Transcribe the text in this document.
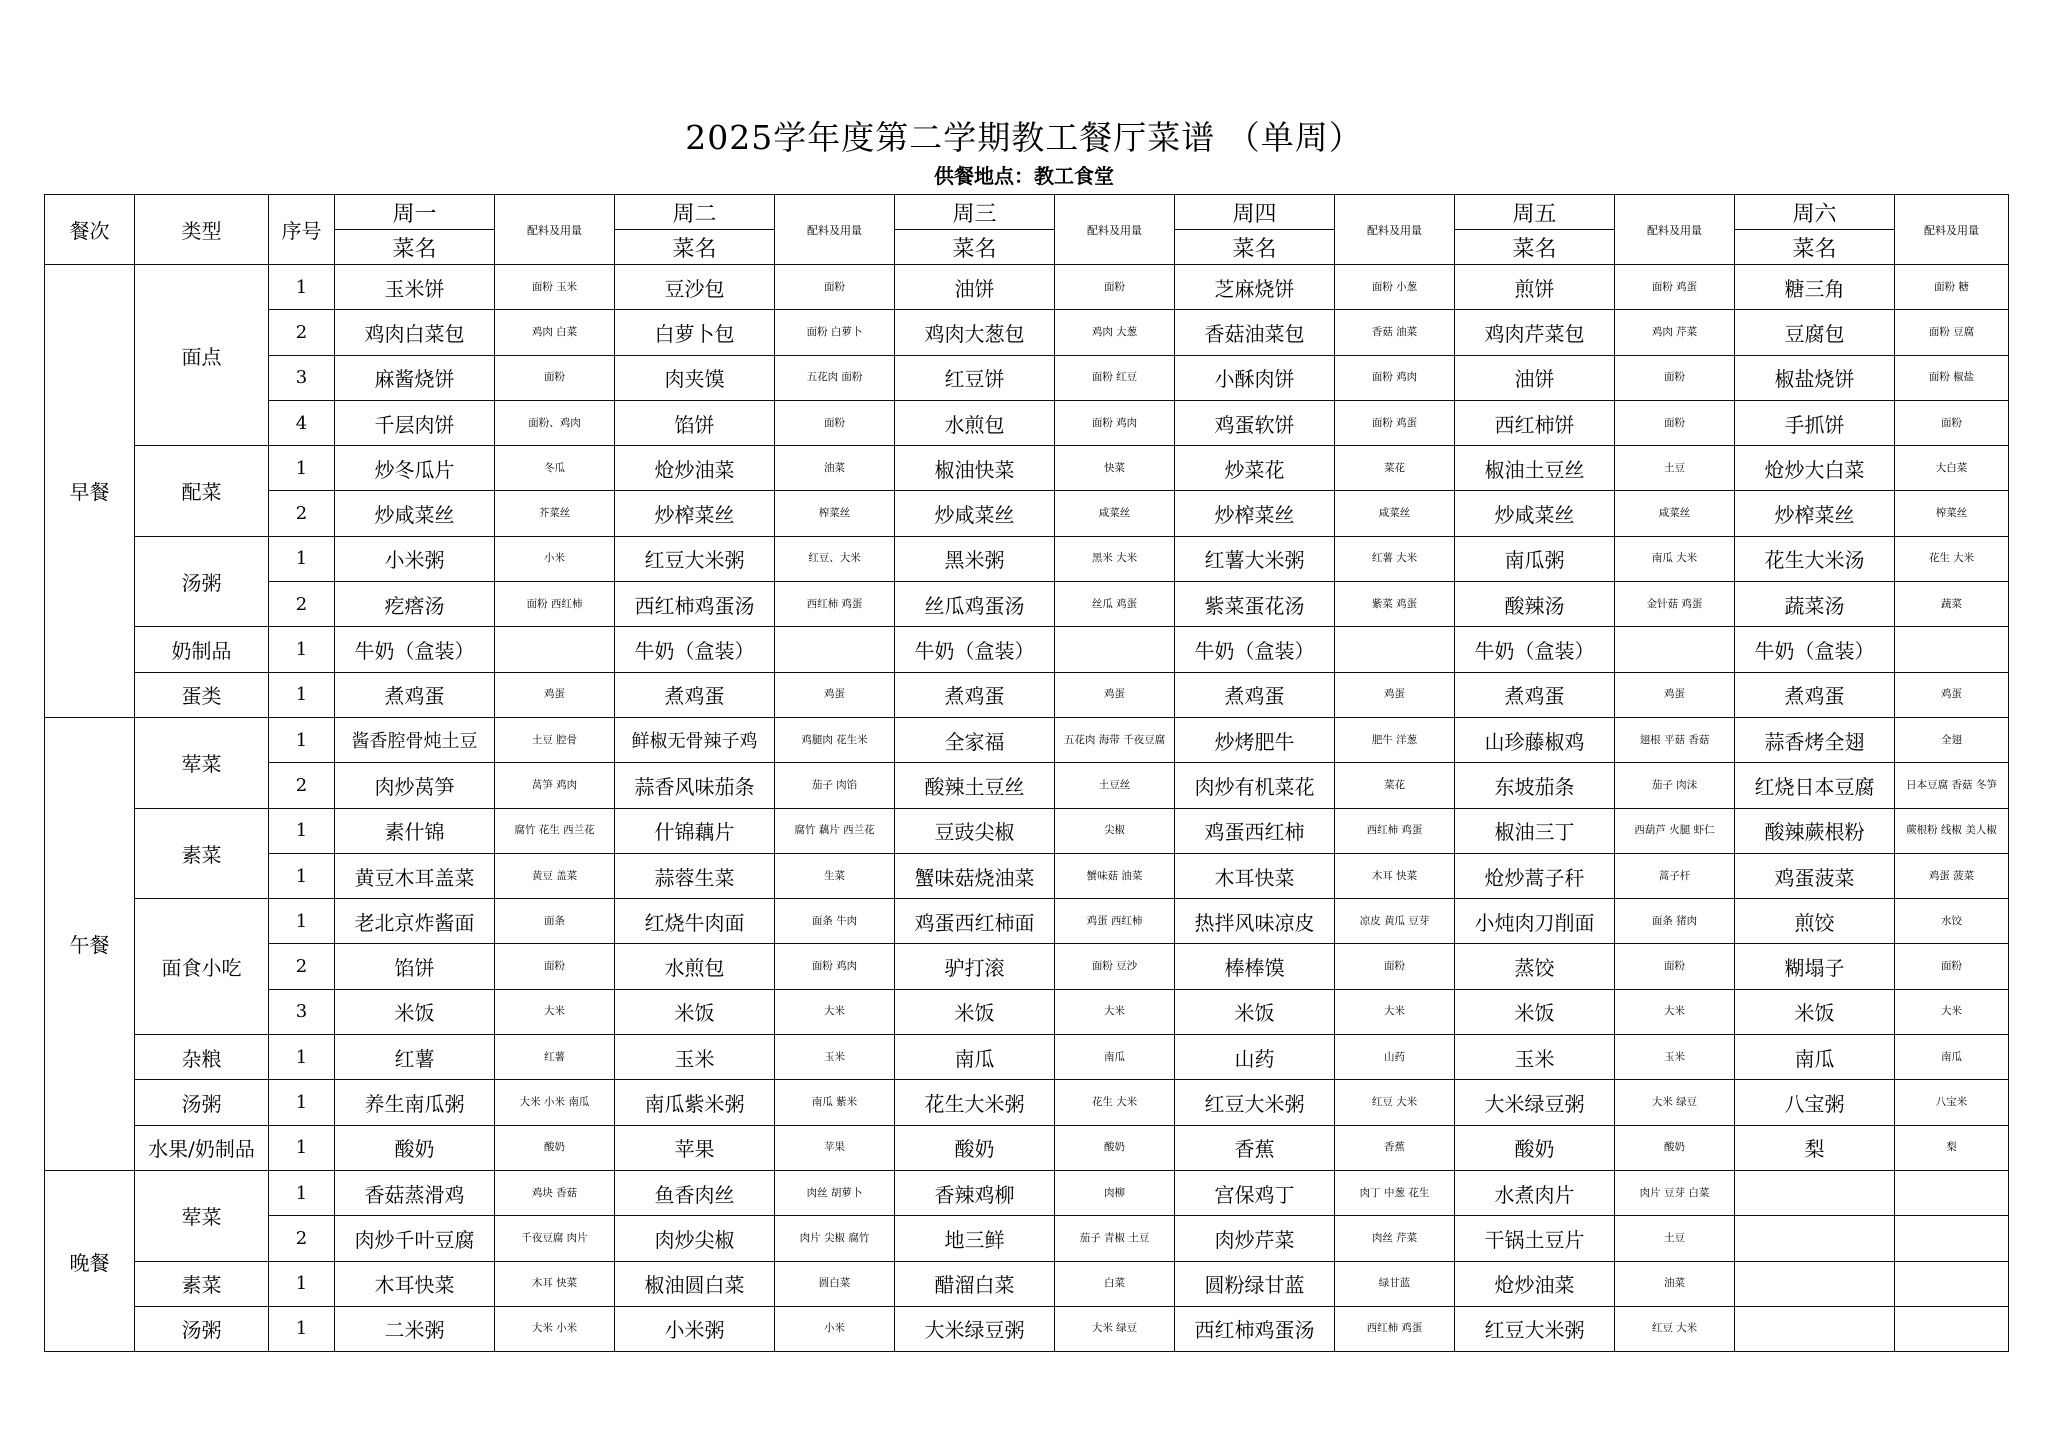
2025学年度第二学期教工餐厅菜谱 （单周）
供餐地点：教工食堂
餐次	类型	序号	周一	配料及用量	周二	配料及用量	周三	配料及用量	周四	配料及用量	周五	配料及用量	周六	配料及用量
			菜名		菜名		菜名		菜名		菜名		菜名	
早餐	面点	1	玉米饼	面粉 玉米	豆沙包	面粉	油饼	面粉	芝麻烧饼	面粉 小葱	煎饼	面粉 鸡蛋	糖三角	面粉 糖
		2	鸡肉白菜包	鸡肉 白菜	白萝卜包	面粉 白萝卜	鸡肉大葱包	鸡肉 大葱	香菇油菜包	香菇 油菜	鸡肉芹菜包	鸡肉 芹菜	豆腐包	面粉 豆腐
		3	麻酱烧饼	面粉	肉夹馍	五花肉 面粉	红豆饼	面粉 红豆	小酥肉饼	面粉 鸡肉	油饼	面粉	椒盐烧饼	面粉 椒盐
		4	千层肉饼	面粉、鸡肉	馅饼	面粉	水煎包	面粉 鸡肉	鸡蛋软饼	面粉 鸡蛋	西红柿饼	面粉	手抓饼	面粉
	配菜	1	炒冬瓜片	冬瓜	炝炒油菜	油菜	椒油快菜	快菜	炒菜花	菜花	椒油土豆丝	土豆	炝炒大白菜	大白菜
		2	炒咸菜丝	芥菜丝	炒榨菜丝	榨菜丝	炒咸菜丝	咸菜丝	炒榨菜丝	咸菜丝	炒咸菜丝	咸菜丝	炒榨菜丝	榨菜丝
	汤粥	1	小米粥	小米	红豆大米粥	红豆、大米	黑米粥	黑米 大米	红薯大米粥	红薯 大米	南瓜粥	南瓜 大米	花生大米汤	花生 大米
		2	疙瘩汤	面粉 西红柿	西红柿鸡蛋汤	西红柿 鸡蛋	丝瓜鸡蛋汤	丝瓜 鸡蛋	紫菜蛋花汤	紫菜 鸡蛋	酸辣汤	金针菇 鸡蛋	蔬菜汤	蔬菜
	奶制品	1	牛奶（盒装）		牛奶（盒装）		牛奶（盒装）		牛奶（盒装）		牛奶（盒装）		牛奶（盒装）	
	蛋类	1	煮鸡蛋	鸡蛋	煮鸡蛋	鸡蛋	煮鸡蛋	鸡蛋	煮鸡蛋	鸡蛋	煮鸡蛋	鸡蛋	煮鸡蛋	鸡蛋
午餐	荤菜	1	酱香腔骨炖土豆	土豆 腔骨	鲜椒无骨辣子鸡	鸡腿肉 花生米	全家福	五花肉 海带 千夜豆腐	炒烤肥牛	肥牛 洋葱	山珍藤椒鸡	翅根 平菇 香菇	蒜香烤全翅	全翅
		2	肉炒莴笋	莴笋 鸡肉	蒜香风味茄条	茄子 肉馅	酸辣土豆丝	土豆丝	肉炒有机菜花	菜花	东坡茄条	茄子 肉沫	红烧日本豆腐	日本豆腐 香菇 冬笋
	素菜	1	素什锦	腐竹 花生 西兰花	什锦藕片	腐竹 藕片 西兰花	豆豉尖椒	尖椒	鸡蛋西红柿	西红柿 鸡蛋	椒油三丁	西葫芦 火腿 虾仁	酸辣蕨根粉	蕨根粉 线椒 美人椒
		1	黄豆木耳盖菜	黄豆 盖菜	蒜蓉生菜	生菜	蟹味菇烧油菜	蟹味菇 油菜	木耳快菜	木耳 快菜	炝炒蒿子秆	蒿子杆	鸡蛋菠菜	鸡蛋 菠菜
	面食小吃	1	老北京炸酱面	面条	红烧牛肉面	面条 牛肉	鸡蛋西红柿面	鸡蛋 西红柿	热拌风味凉皮	凉皮 黄瓜 豆芽	小炖肉刀削面	面条 猪肉	煎饺	水饺
		2	馅饼	面粉	水煎包	面粉 鸡肉	驴打滚	面粉 豆沙	棒棒馍	面粉	蒸饺	面粉	糊塌子	面粉
		3	米饭	大米	米饭	大米	米饭	大米	米饭	大米	米饭	大米	米饭	大米
	杂粮	1	红薯	红薯	玉米	玉米	南瓜	南瓜	山药	山药	玉米	玉米	南瓜	南瓜
	汤粥	1	养生南瓜粥	大米 小米 南瓜	南瓜紫米粥	南瓜 紫米	花生大米粥	花生 大米	红豆大米粥	红豆 大米	大米绿豆粥	大米 绿豆	八宝粥	八宝米
	水果/奶制品	1	酸奶	酸奶	苹果	苹果	酸奶	酸奶	香蕉	香蕉	酸奶	酸奶	梨	梨
晚餐	荤菜	1	香菇蒸滑鸡	鸡块 香菇	鱼香肉丝	肉丝 胡萝卜	香辣鸡柳	肉柳	宫保鸡丁	肉丁 中葱 花生	水煮肉片	肉片 豆芽 白菜		
		2	肉炒千叶豆腐	千夜豆腐 肉片	肉炒尖椒	肉片 尖椒 腐竹	地三鲜	茄子 青椒 土豆	肉炒芹菜	肉丝 芹菜	干锅土豆片	土豆		
	素菜	1	木耳快菜	木耳 快菜	椒油圆白菜	圆白菜	醋溜白菜	白菜	圆粉绿甘蓝	绿甘蓝	炝炒油菜	油菜		
	汤粥	1	二米粥	大米 小米	小米粥	小米	大米绿豆粥	大米 绿豆	西红柿鸡蛋汤	西红柿 鸡蛋	红豆大米粥	红豆 大米		
